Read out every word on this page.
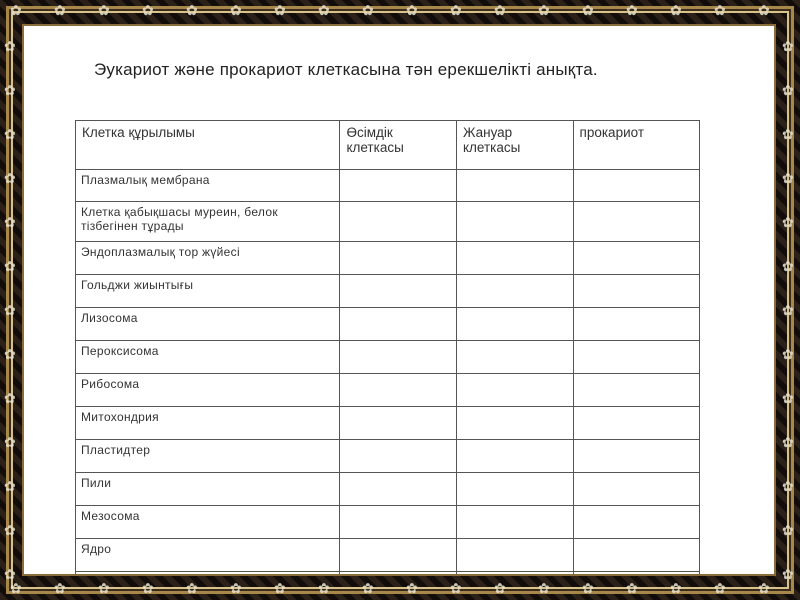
✿
✿
✿
✿
✿
✿
✿
✿
✿
✿
✿
✿
✿
✿
✿
✿
✿
✿
✿
✿
✿
✿
✿
✿
✿
✿
✿
✿
✿
✿
✿
✿
✿
✿
✿
✿
✿	✿
✿	✿
✿	✿
✿	✿
✿	✿
✿	✿
✿	✿
✿	✿
✿	✿
✿	✿
✿	✿
✿	✿
✿	✿
Эукариот және прокариот клеткасына тән ерекшелікті анықта.
Клетка құрылымы	Өсімдік клеткасы	Жануар клеткасы	прокариот
Плазмалық мембрана			
Клетка қабықшасы муреин, белок тізбегінен тұрады			
Эндоплазмалық тор жүйесі			
Гольджи жиынтығы			
Лизосома			
Пероксисома			
Рибосома			
Митохондрия			
Пластидтер			
Пили			
Мезосома			
Ядро			
